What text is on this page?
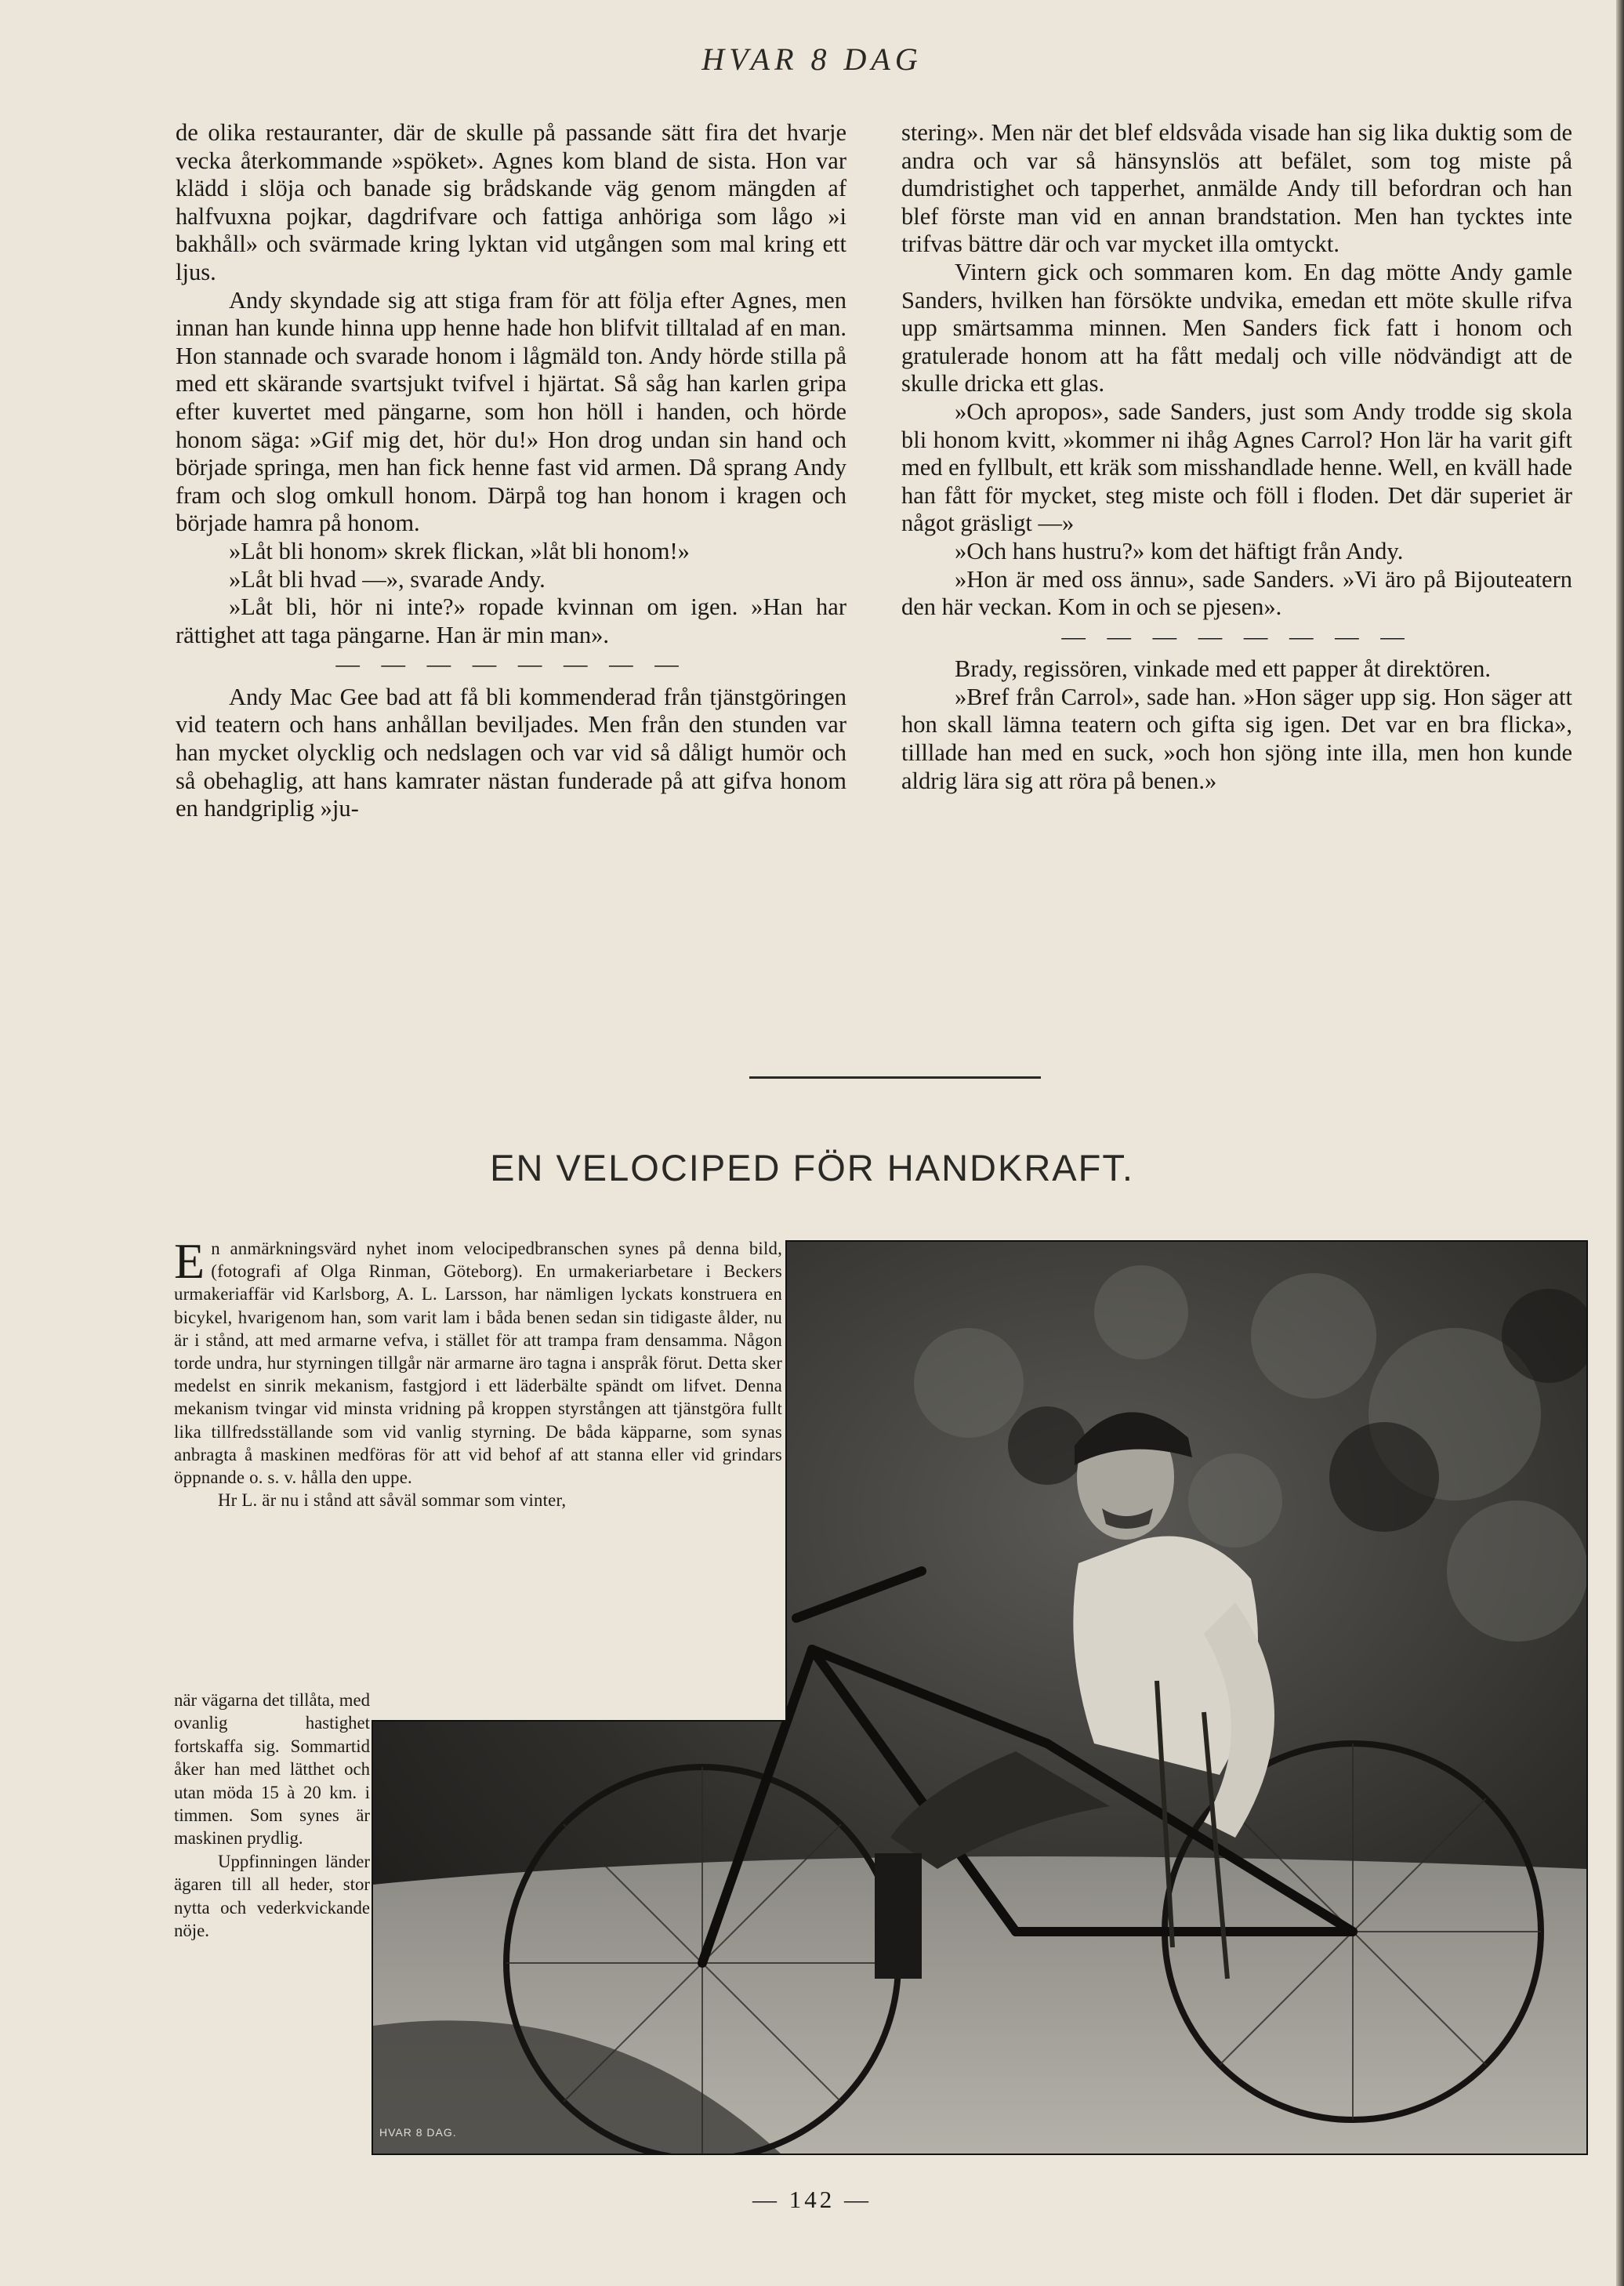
HVAR 8 DAG

de olika restauranter, där de skulle på passande sätt fira det hvarje vecka återkommande »spöket». Agnes kom bland de sista. Hon var klädd i slöja och banade sig brådskande väg genom mängden af halfvuxna pojkar, dagdrifvare och fattiga anhöriga som lågo »i bakhåll» och svärmade kring lyktan vid utgången som mal kring ett ljus.

Andy skyndade sig att stiga fram för att följa efter Agnes, men innan han kunde hinna upp henne hade hon blifvit tilltalad af en man. Hon stannade och svarade honom i lågmäld ton. Andy hörde stilla på med ett skärande svartsjukt tvifvel i hjärtat. Så såg han karlen gripa efter kuvertet med pängarne, som hon höll i handen, och hörde honom säga: »Gif mig det, hör du!» Hon drog undan sin hand och började springa, men han fick henne fast vid armen. Då sprang Andy fram och slog omkull honom. Därpå tog han honom i kragen och började hamra på honom.

»Låt bli honom» skrek flickan, »låt bli honom!»

»Låt bli hvad —», svarade Andy.

»Låt bli, hör ni inte?» ropade kvinnan om igen. »Han har rättighet att taga pängarne. Han är min man».

— — — — — — — —

Andy Mac Gee bad att få bli kommenderad från tjänstgöringen vid teatern och hans anhållan beviljades. Men från den stunden var han mycket olycklig och nedslagen och var vid så dåligt humör och så obehaglig, att hans kamrater nästan funderade på att gifva honom en handgriplig »ju-

stering». Men när det blef eldsvåda visade han sig lika duktig som de andra och var så hänsynslös att befälet, som tog miste på dumdristighet och tapperhet, anmälde Andy till befordran och han blef förste man vid en annan brandstation. Men han tycktes inte trifvas bättre där och var mycket illa omtyckt.

Vintern gick och sommaren kom. En dag mötte Andy gamle Sanders, hvilken han försökte undvika, emedan ett möte skulle rifva upp smärtsamma minnen. Men Sanders fick fatt i honom och gratulerade honom att ha fått medalj och ville nödvändigt att de skulle dricka ett glas.

»Och apropos», sade Sanders, just som Andy trodde sig skola bli honom kvitt, »kommer ni ihåg Agnes Carrol? Hon lär ha varit gift med en fyllbult, ett kräk som misshandlade henne. Well, en kväll hade han fått för mycket, steg miste och föll i floden. Det där superiet är något gräsligt —»

»Och hans hustru?» kom det häftigt från Andy.

»Hon är med oss ännu», sade Sanders. »Vi äro på Bijouteatern den här veckan. Kom in och se pjesen».

— — — — — — — —

Brady, regissören, vinkade med ett papper åt direktören.

»Bref från Carrol», sade han. »Hon säger upp sig. Hon säger att hon skall lämna teatern och gifta sig igen. Det var en bra flicka», tilllade han med en suck, »och hon sjöng inte illa, men hon kunde aldrig lära sig att röra på benen.»

EN VELOCIPED FÖR HANDKRAFT.
HVAR 8 DAG.

En anmärkningsvärd nyhet inom velocipedbranschen synes på denna bild, (fotografi af Olga Rinman, Göteborg). En urmakeriarbetare i Beckers urmakeriaffär vid Karlsborg, A. L. Larsson, har nämligen lyckats konstruera en bicykel, hvarigenom han, som varit lam i båda benen sedan sin tidigaste ålder, nu är i stånd, att med armarne vefva, i stället för att trampa fram densamma. Någon torde undra, hur styrningen tillgår när armarne äro tagna i anspråk förut. Detta sker medelst en sinrik mekanism, fastgjord i ett läderbälte spändt om lifvet. Denna mekanism tvingar vid minsta vridning på kroppen styrstången att tjänstgöra fullt lika tillfredsställande som vid vanlig styrning. De båda käpparne, som synas anbragta å maskinen medföras för att vid behof af att stanna eller vid grindars öppnande o. s. v. hålla den uppe.

Hr L. är nu i stånd att såväl sommar som vinter,

när vägarna det tillåta, med ovanlig hastighet fortskaffa sig. Sommartid åker han med lätthet och utan möda 15 à 20 km. i timmen. Som synes är maskinen prydlig.

Uppfinningen länder ägaren till all heder, stor nytta och vederkvickande nöje.

— 142 —
